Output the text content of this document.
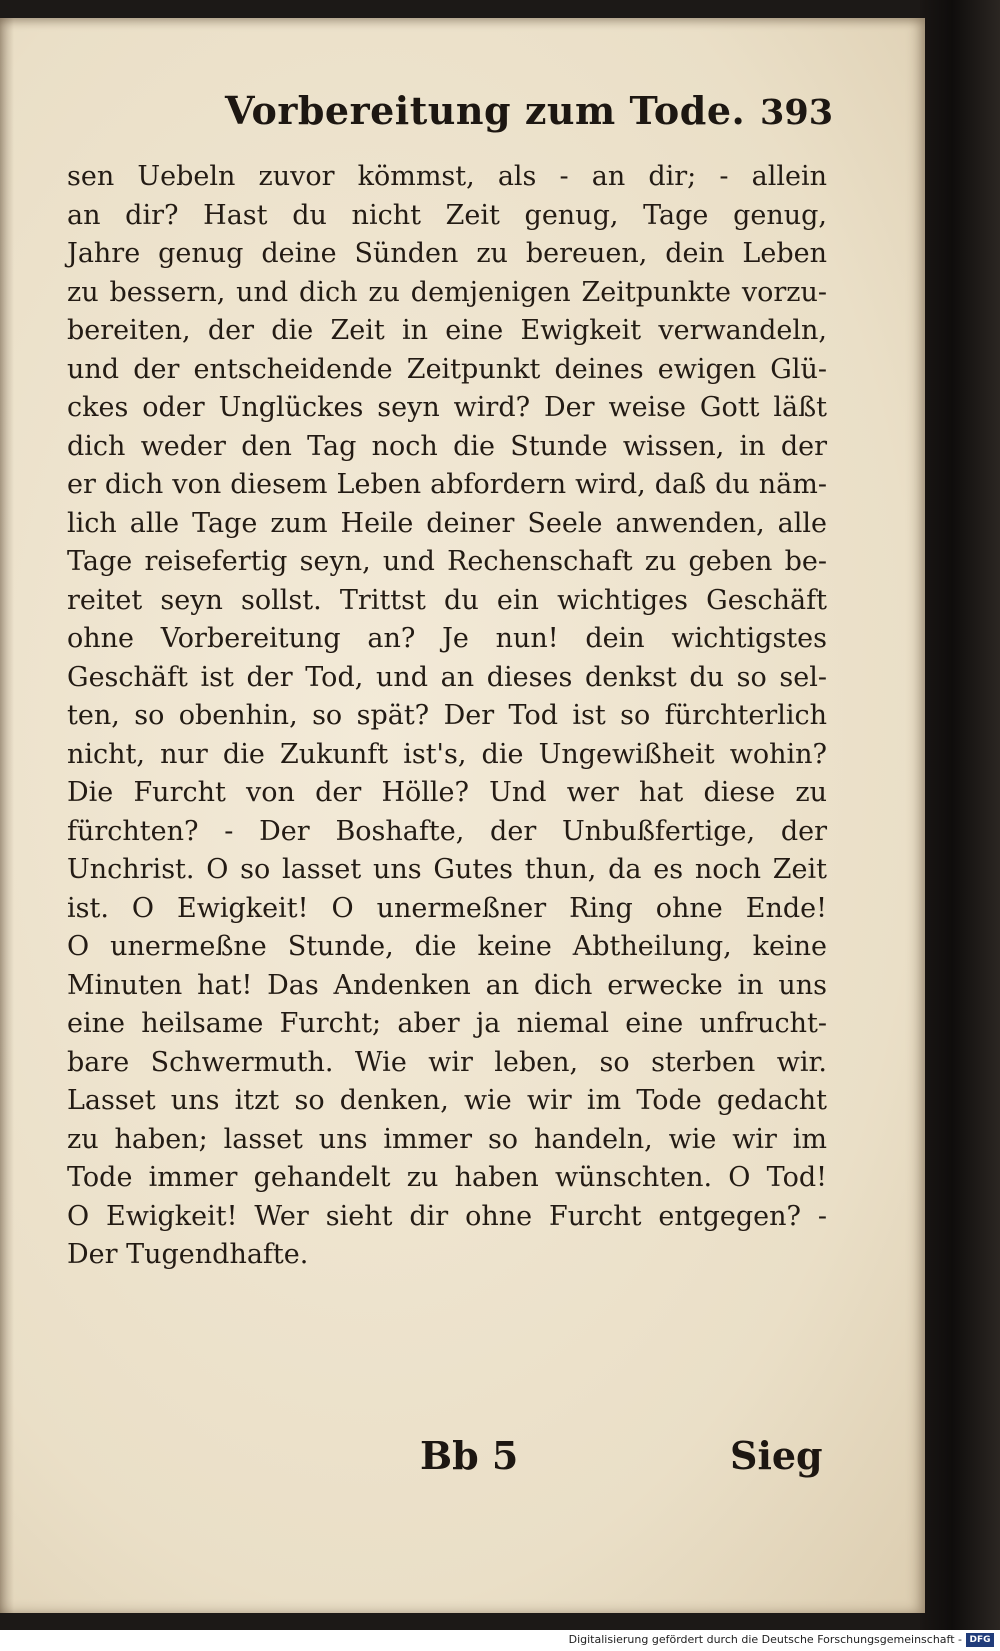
Vorbereitung zum Tode. 393
sen Uebeln zuvor kömmst, als - an dir; - allein
an dir? Hast du nicht Zeit genug, Tage genug,
Jahre genug deine Sünden zu bereuen, dein Leben
zu bessern, und dich zu demjenigen Zeitpunkte vorzu-
bereiten, der die Zeit in eine Ewigkeit verwandeln,
und der entscheidende Zeitpunkt deines ewigen Glü-
ckes oder Unglückes seyn wird? Der weise Gott läßt
dich weder den Tag noch die Stunde wissen, in der
er dich von diesem Leben abfordern wird, daß du näm-
lich alle Tage zum Heile deiner Seele anwenden, alle
Tage reisefertig seyn, und Rechenschaft zu geben be-
reitet seyn sollst. Trittst du ein wichtiges Geschäft
ohne Vorbereitung an? Je nun! dein wichtigstes
Geschäft ist der Tod, und an dieses denkst du so sel-
ten, so obenhin, so spät? Der Tod ist so fürchterlich
nicht, nur die Zukunft ist's, die Ungewißheit wohin?
Die Furcht von der Hölle? Und wer hat diese zu
fürchten? - Der Boshafte, der Unbußfertige, der
Unchrist. O so lasset uns Gutes thun, da es noch Zeit
ist. O Ewigkeit! O unermeßner Ring ohne Ende!
O unermeßne Stunde, die keine Abtheilung, keine
Minuten hat! Das Andenken an dich erwecke in uns
eine heilsame Furcht; aber ja niemal eine unfrucht-
bare Schwermuth. Wie wir leben, so sterben wir.
Lasset uns itzt so denken, wie wir im Tode gedacht
zu haben; lasset uns immer so handeln, wie wir im
Tode immer gehandelt zu haben wünschten. O Tod!
O Ewigkeit! Wer sieht dir ohne Furcht entgegen? -
Der Tugendhafte.
Bb 5	Sieg
Digitalisierung gefördert durch die Deutsche Forschungsgemeinschaft - DFG
